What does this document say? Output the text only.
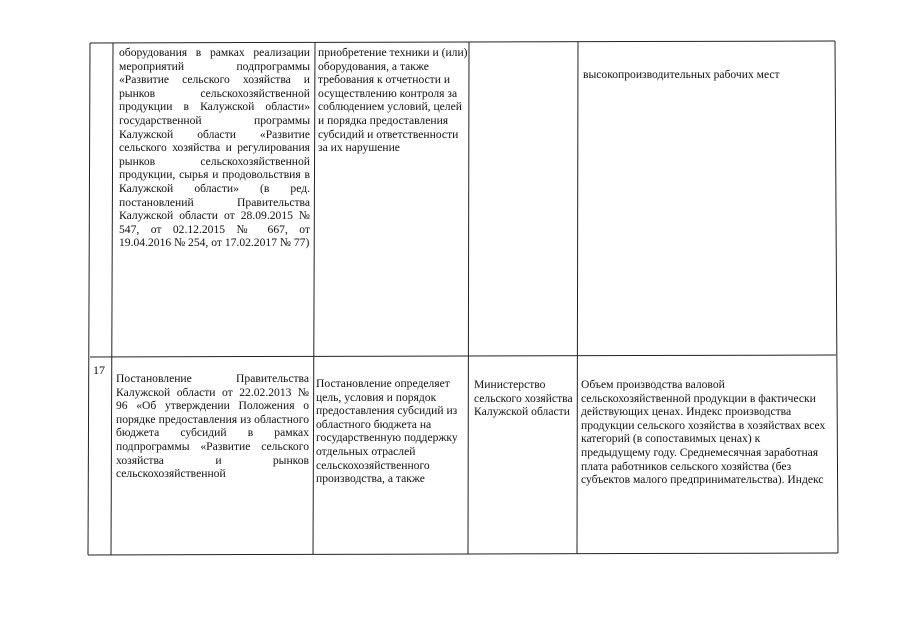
оборудования в рамках реализации мероприятий подпрограммы «Развитие сельского хозяйства и рынков сельскохозяйственной продукции в Калужской области» государственной программы Калужской области «Развитие сельского хозяйства и регулирования рынков сельскохозяйственной продукции, сырья и продовольствия в Калужской области» (в ред. постановлений Правительства Калужской области от 28.09.2015 № 547, от 02.12.2015 № 667, от 19.04.2016 № 254, от 17.02.2017 № 77)
приобретение техники и (или) оборудования, а также требования к отчетности и осуществлению контроля за соблюдением условий, целей и порядка предоставления субсидий и ответственности за их нарушение
высокопроизводительных рабочих мест
17
Постановление Правительства Калужской области от 22.02.2013 № 96 «Об утверждении Положения о порядке предоставления из областного бюджета субсидий в рамках подпрограммы «Развитие сельского хозяйства и рынков сельскохозяйственной
Постановление определяет цель, условия и порядок предоставления субсидий из областного бюджета на государственную поддержку отдельных отраслей сельскохозяйственного производства, а также
Министерство сельского хозяйства Калужской области
Объем производства валовой сельскохозяйственной продукции в фактически действующих ценах. Индекс производства продукции сельского хозяйства в хозяйствах всех категорий (в сопоставимых ценах) к предыдущему году. Среднемесячная заработная плата работников сельского хозяйства (без субъектов малого предпринимательства). Индекс
